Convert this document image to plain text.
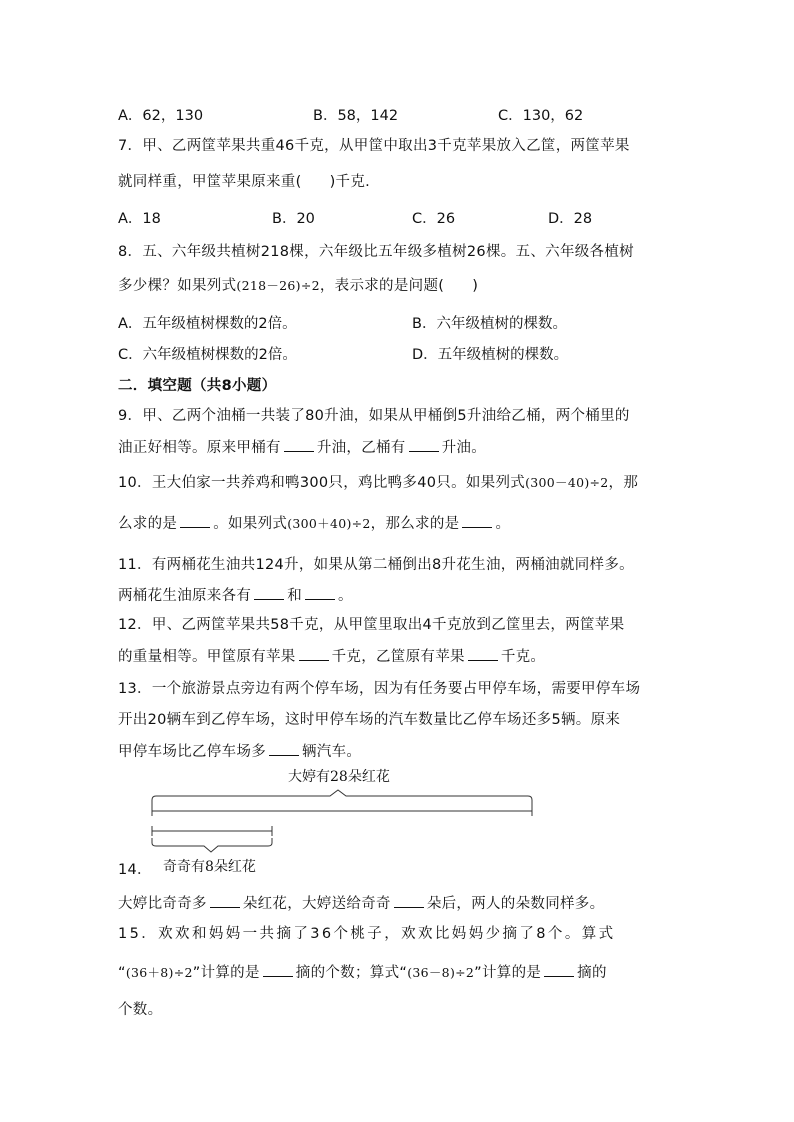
A．62，130	B．58，142	C．130，62
7．甲、乙两筐苹果共重46千克，从甲筐中取出3千克苹果放入乙筐，两筐苹果
就同样重，甲筐苹果原来重( )千克.
A．18	B．20	C．26	D．28
8．五、六年级共植树218棵，六年级比五年级多植树26棵。五、六年级各植树
多少棵？如果列式(218－26)÷2，表示求的是问题( )
A．五年级植树棵数的2倍。	B．六年级植树的棵数。
C．六年级植树棵数的2倍。	D．五年级植树的棵数。
二．填空题（共8小题）
9．甲、乙两个油桶一共装了80升油，如果从甲桶倒5升油给乙桶，两个桶里的
油正好相等。原来甲桶有 升油，乙桶有 升油。
10．王大伯家一共养鸡和鸭300只，鸡比鸭多40只。如果列式(300－40)÷2，那
么求的是 。如果列式(300＋40)÷2，那么求的是 。
11．有两桶花生油共124升，如果从第二桶倒出8升花生油，两桶油就同样多。
两桶花生油原来各有 和 。
12．甲、乙两筐苹果共58千克，从甲筐里取出4千克放到乙筐里去，两筐苹果
的重量相等。甲筐原有苹果 千克，乙筐原有苹果 千克。
13．一个旅游景点旁边有两个停车场，因为有任务要占甲停车场，需要甲停车场
开出20辆车到乙停车场，这时甲停车场的汽车数量比乙停车场还多5辆。原来
甲停车场比乙停车场多 辆汽车。
大婷有28朵红花
14． 奇奇有8朵红花
大婷比奇奇多 朵红花，大婷送给奇奇 朵后，两人的朵数同样多。
15．欢欢和妈妈一共摘了36个桃子，欢欢比妈妈少摘了8个。算式
“(36＋8)÷2”计算的是 摘的个数；算式“(36－8)÷2”计算的是 摘的
个数。
